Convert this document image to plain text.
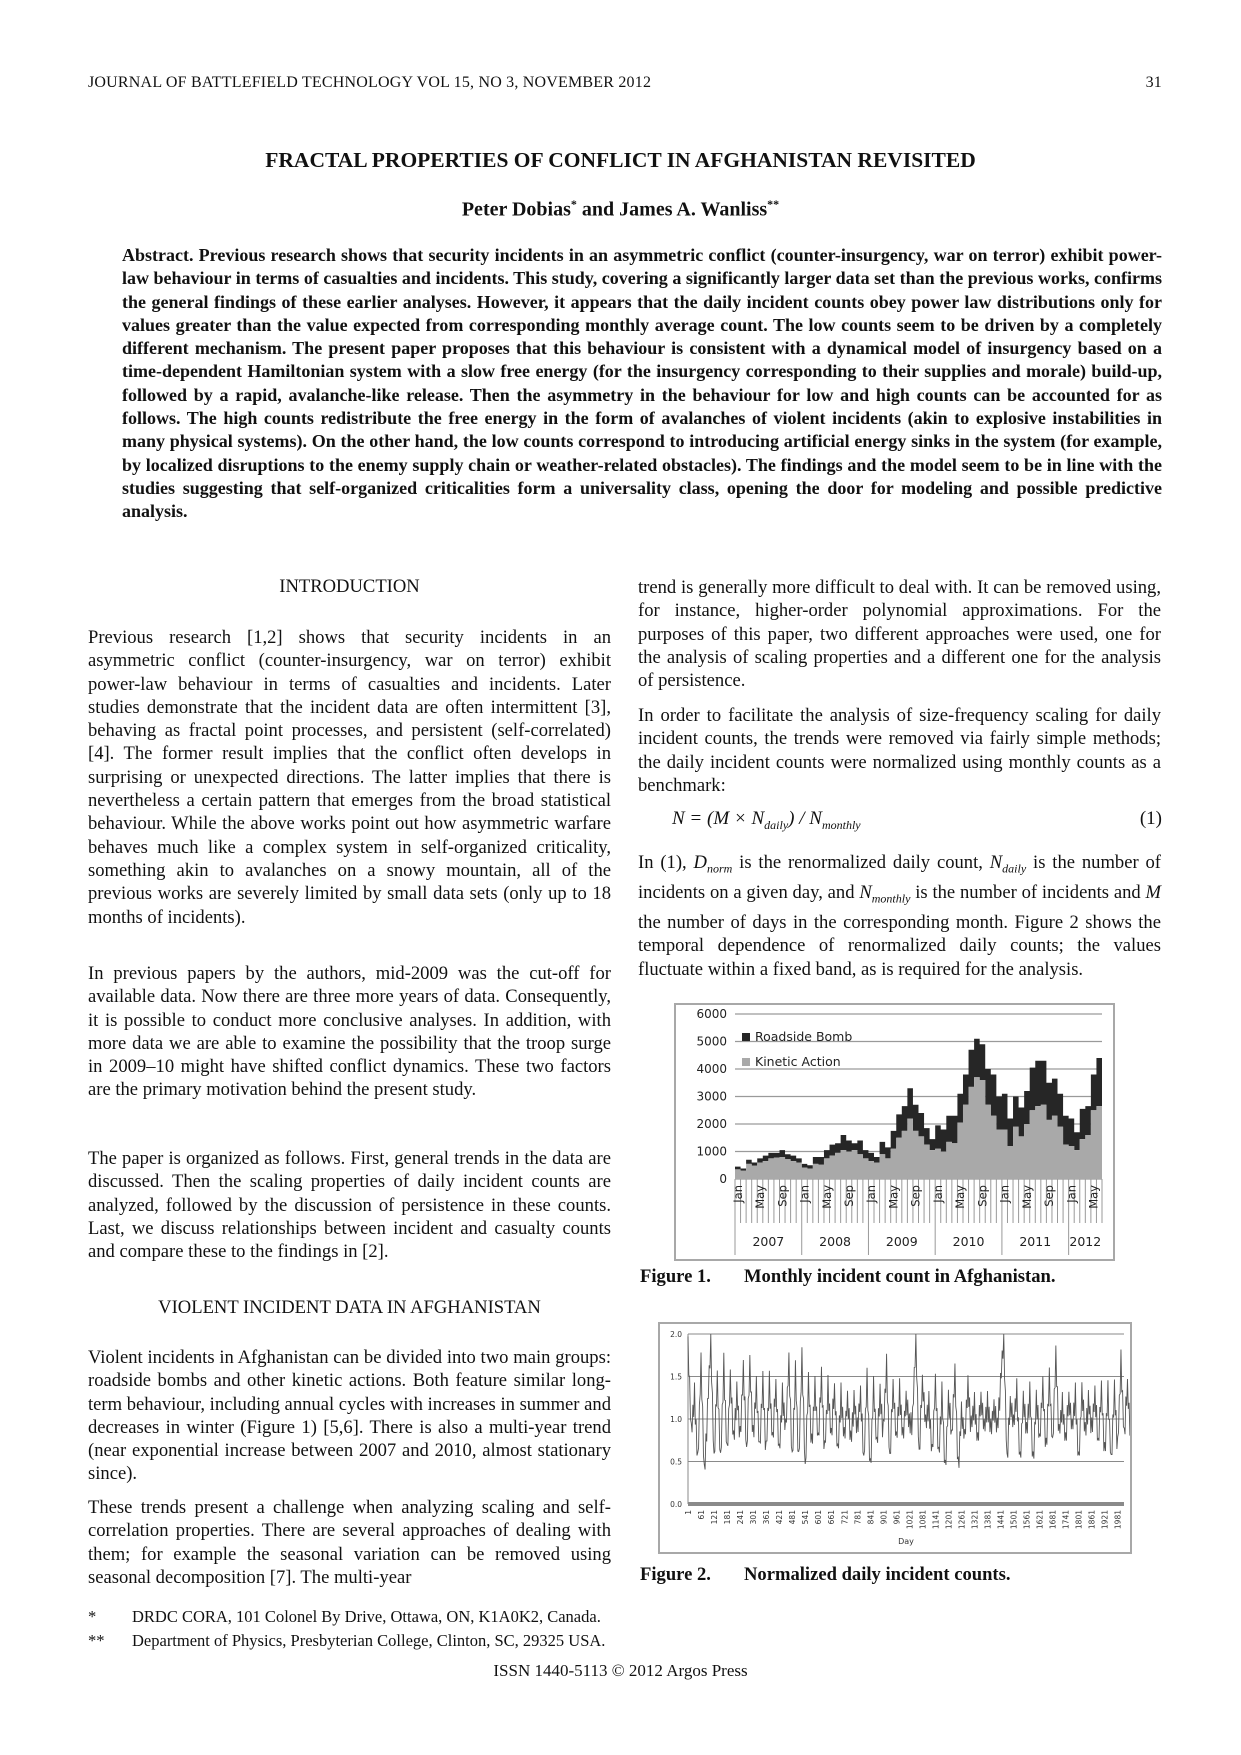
JOURNAL OF BATTLEFIELD TECHNOLOGY VOL 15, NO 3, NOVEMBER 2012	31
FRACTAL PROPERTIES OF CONFLICT IN AFGHANISTAN REVISITED
Peter Dobias* and James A. Wanliss**
Abstract. Previous research shows that security incidents in an asymmetric conflict (counter-insurgency, war on terror) exhibit power-law behaviour in terms of casualties and incidents. This study, covering a significantly larger data set than the previous works, confirms the general findings of these earlier analyses. However, it appears that the daily incident counts obey power law distributions only for values greater than the value expected from corresponding monthly average count. The low counts seem to be driven by a completely different mechanism. The present paper proposes that this behaviour is consistent with a dynamical model of insurgency based on a time-dependent Hamiltonian system with a slow free energy (for the insurgency corresponding to their supplies and morale) build-up, followed by a rapid, avalanche-like release. Then the asymmetry in the behaviour for low and high counts can be accounted for as follows. The high counts redistribute the free energy in the form of avalanches of violent incidents (akin to explosive instabilities in many physical systems). On the other hand, the low counts correspond to introducing artificial energy sinks in the system (for example, by localized disruptions to the enemy supply chain or weather-related obstacles). The findings and the model seem to be in line with the studies suggesting that self-organized criticalities form a universality class, opening the door for modeling and possible predictive analysis.
INTRODUCTION
Previous research [1,2] shows that security incidents in an asymmetric conflict (counter-insurgency, war on terror) exhibit power-law behaviour in terms of casualties and incidents. Later studies demonstrate that the incident data are often intermittent [3], behaving as fractal point processes, and persistent (self-correlated) [4]. The former result implies that the conflict often develops in surprising or unexpected directions. The latter implies that there is nevertheless a certain pattern that emerges from the broad statistical behaviour. While the above works point out how asymmetric warfare behaves much like a complex system in self-organized criticality, something akin to avalanches on a snowy mountain, all of the previous works are severely limited by small data sets (only up to 18 months of incidents).
In previous papers by the authors, mid-2009 was the cut-off for available data. Now there are three more years of data. Consequently, it is possible to conduct more conclusive analyses. In addition, with more data we are able to examine the possibility that the troop surge in 2009–10 might have shifted conflict dynamics. These two factors are the primary motivation behind the present study.
The paper is organized as follows. First, general trends in the data are discussed. Then the scaling properties of daily incident counts are analyzed, followed by the discussion of persistence in these counts. Last, we discuss relationships between incident and casualty counts and compare these to the findings in [2].
VIOLENT INCIDENT DATA IN AFGHANISTAN
Violent incidents in Afghanistan can be divided into two main groups: roadside bombs and other kinetic actions. Both feature similar long-term behaviour, including annual cycles with increases in summer and decreases in winter (Figure 1) [5,6]. There is also a multi-year trend (near exponential increase between 2007 and 2010, almost stationary since).
These trends present a challenge when analyzing scaling and self-correlation properties. There are several approaches of dealing with them; for example the seasonal variation can be removed using seasonal decomposition [7]. The multi-year
trend is generally more difficult to deal with. It can be removed using, for instance, higher-order polynomial approximations. For the purposes of this paper, two different approaches were used, one for the analysis of scaling properties and a different one for the analysis of persistence.
In order to facilitate the analysis of size-frequency scaling for daily incident counts, the trends were removed via fairly simple methods; the daily incident counts were normalized using monthly counts as a benchmark:
$N = (M \times N_{daily}) / N_{monthly}$	(1)
In (1), $D_{norm}$ is the renormalized daily count, $N_{daily}$ is the number of incidents on a given day, and $N_{monthly}$ is the number of incidents and M the number of days in the corresponding month. Figure 2 shows the temporal dependence of renormalized daily counts; the values fluctuate within a fixed band, as is required for the analysis.
0
1000
2000
3000
4000
5000
6000
Jan May Sep Jan May Sep Jan May Sep Jan May Sep Jan May Sep Jan May
2007	2008	2009	2010	2011 2012
Roadside Bomb
Kinetic Action
Figure 1. Monthly incident count in Afghanistan.
0.0
0.5
1.0
1.5
2.0
1 61 121 181 241 301 361 421 481 541 601 661 721 781 841 901 961 1021 1081 1141 1201 1261 1321 1381 1441 1501 1561 1621 1681 1741 1801 1861 1921 1981
Day
Figure 2. Normalized daily incident counts.
* DRDC CORA, 101 Colonel By Drive, Ottawa, ON, K1A0K2, Canada.
** Department of Physics, Presbyterian College, Clinton, SC, 29325 USA.
ISSN 1440-5113 © 2012 Argos Press
